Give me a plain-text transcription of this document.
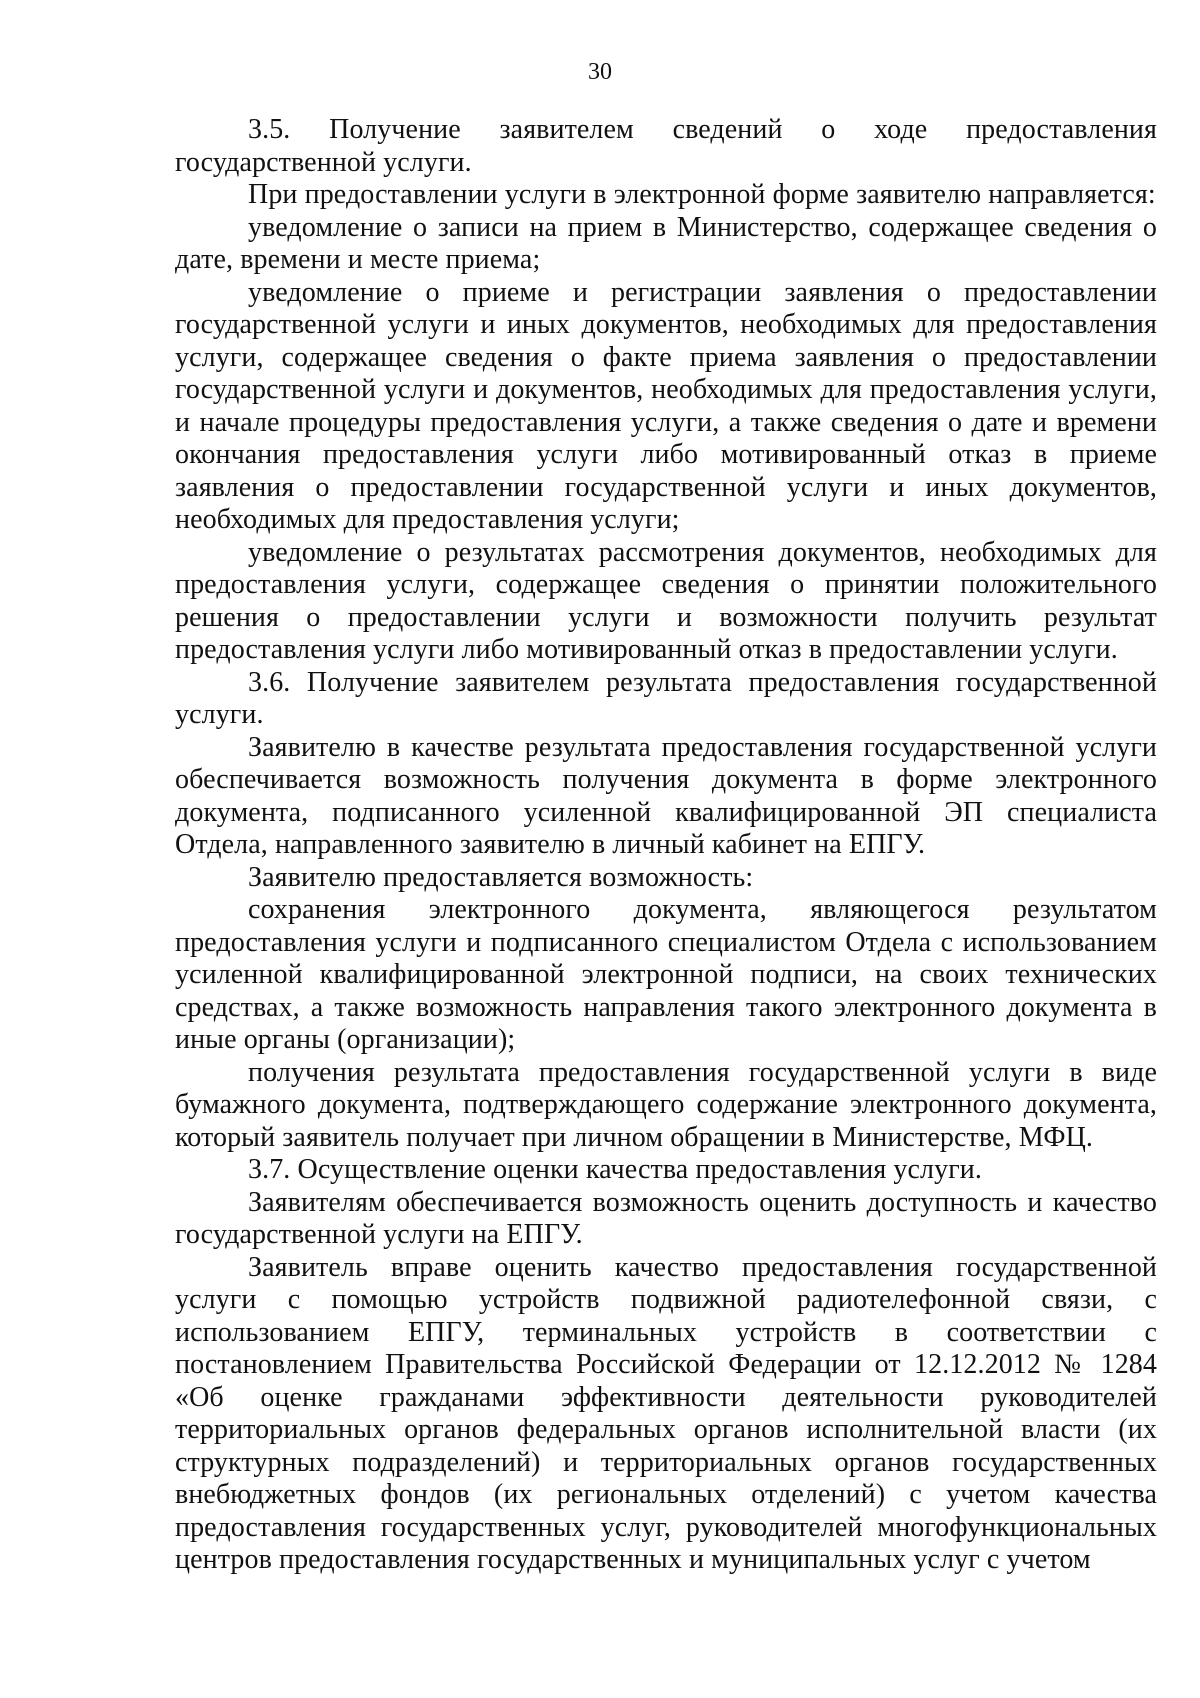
30

3.5. Получение заявителем сведений о ходе предоставления государственной услуги.

При предоставлении услуги в электронной форме заявителю направляется:

уведомление о записи на прием в Министерство, содержащее сведения о дате, времени и месте приема;

уведомление о приеме и регистрации заявления о предоставлении государственной услуги и иных документов, необходимых для предоставления услуги, содержащее сведения о факте приема заявления о предоставлении государственной услуги и документов, необходимых для предоставления услуги, и начале процедуры предоставления услуги, а также сведения о дате и времени окончания предоставления услуги либо мотивированный отказ в приеме заявления о предоставлении государственной услуги и иных документов, необходимых для предоставления услуги;

уведомление о результатах рассмотрения документов, необходимых для предоставления услуги, содержащее сведения о принятии положительного решения о предоставлении услуги и возможности получить результат предоставления услуги либо мотивированный отказ в предоставлении услуги.

3.6. Получение заявителем результата предоставления государственной услуги.

Заявителю в качестве результата предоставления государственной услуги обеспечивается возможность получения документа в форме электронного документа, подписанного усиленной квалифицированной ЭП специалиста Отдела, направленного заявителю в личный кабинет на ЕПГУ.

Заявителю предоставляется возможность:

сохранения электронного документа, являющегося результатом предоставления услуги и подписанного специалистом Отдела с использованием усиленной квалифицированной электронной подписи, на своих технических средствах, а также возможность направления такого электронного документа в иные органы (организации);

получения результата предоставления государственной услуги в виде бумажного документа, подтверждающего содержание электронного документа, который заявитель получает при личном обращении в Министерстве, МФЦ.

3.7. Осуществление оценки качества предоставления услуги.

Заявителям обеспечивается возможность оценить доступность и качество государственной услуги на ЕПГУ.

Заявитель вправе оценить качество предоставления государственной услуги с помощью устройств подвижной радиотелефонной связи, с использованием ЕПГУ, терминальных устройств в соответствии с постановлением Правительства Российской Федерации от 12.12.2012 № 1284 «Об оценке гражданами эффективности деятельности руководителей территориальных органов федеральных органов исполнительной власти (их структурных подразделений) и территориальных органов государственных внебюджетных фондов (их региональных отделений) с учетом качества предоставления государственных услуг, руководителей многофункциональных центров предоставления государственных и муниципальных услуг с учетом
